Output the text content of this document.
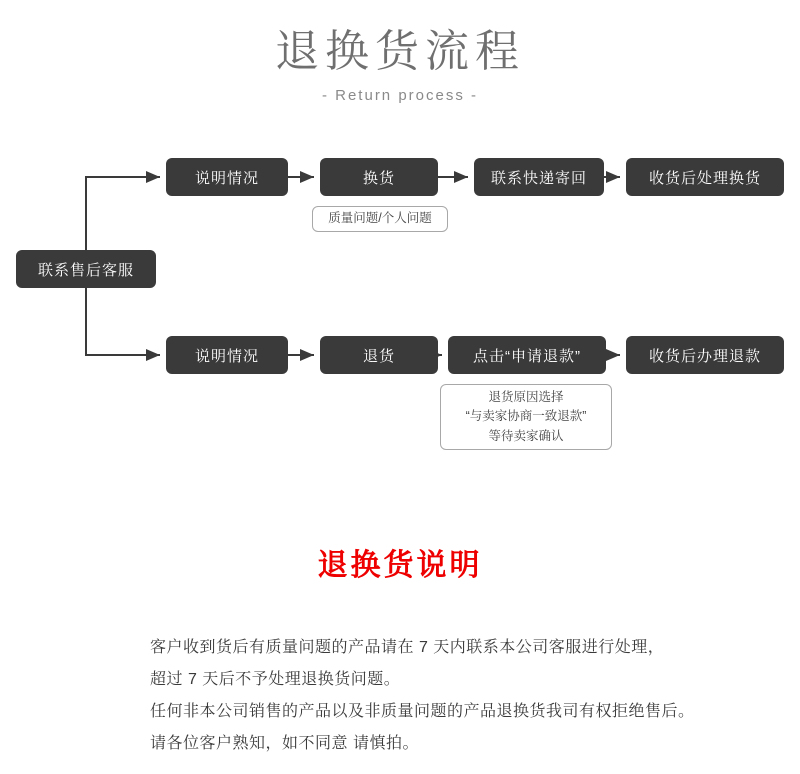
退换货流程
- Return process -
联系售后客服
说明情况	换货	联系快递寄回	收货后处理换货
质量问题/个人问题
说明情况	退货	点击“申请退款”	收货后办理退款
退货原因选择
“与卖家协商一致退款”
等待卖家确认
退换货说明

客户收到货后有质量问题的产品请在 7 天内联系本公司客服进行处理，

超过 7 天后不予处理退换货问题。

任何非本公司销售的产品以及非质量问题的产品退换货我司有权拒绝售后。

请各位客户熟知，如不同意 请慎拍。
